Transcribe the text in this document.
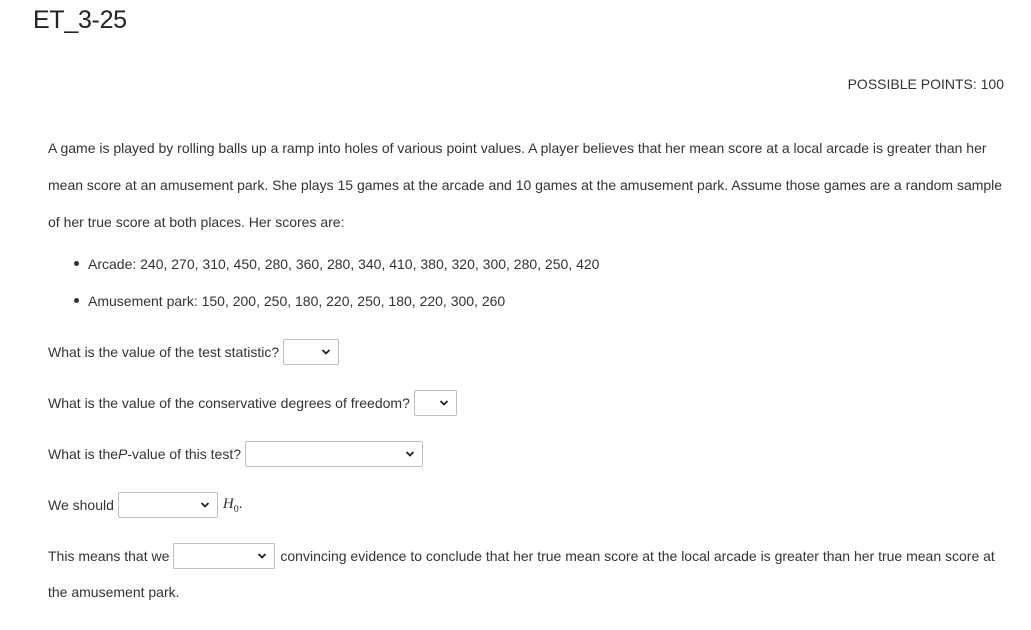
ET_3-25
POSSIBLE POINTS: 100
A game is played by rolling balls up a ramp into holes of various point values. A player believes that her mean score at a local arcade is greater than her mean score at an amusement park. She plays 15 games at the arcade and 10 games at the amusement park. Assume those games are a random sample of her true score at both places. Her scores are:
Arcade: 240, 270, 310, 450, 280, 360, 280, 340, 410, 380, 320, 300, 280, 250, 420
Amusement park: 150, 200, 250, 180, 220, 250, 180, 220, 300, 260
What is the value of the test statistic?
What is the value of the conservative degrees of freedom?
What is the P -value of this test?
We should	$H_0$.
This means that we	convincing evidence to conclude that her true mean score at the local arcade is greater than her true mean score at
the amusement park.
